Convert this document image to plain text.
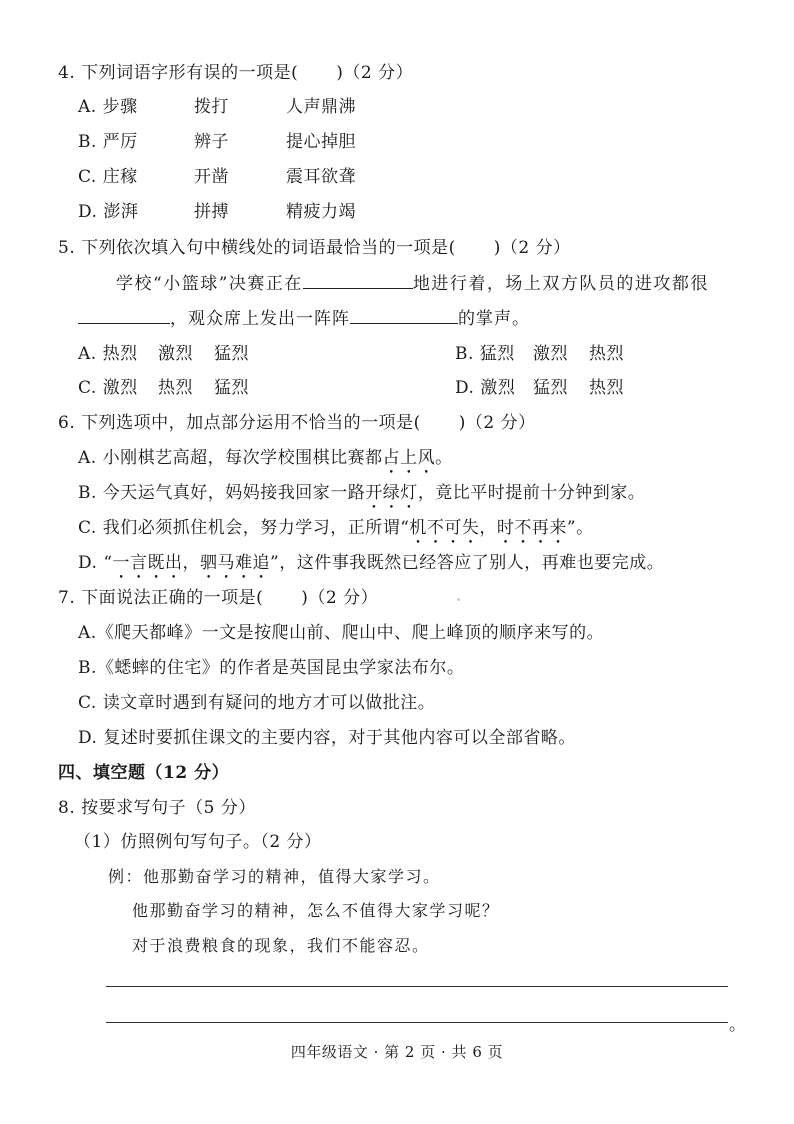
4. 下列词语字形有误的一项是( )（2 分）
A. 步骤	拨打	人声鼎沸
B. 严厉	辨子	提心掉胆
C. 庄稼	开凿	震耳欲聋
D. 澎湃	拼搏	精疲力竭
5. 下列依次填入句中横线处的词语最恰当的一项是( )（2 分）
学校“小篮球”决赛正在	地进行着，场上双方队员的进攻都很
，观众席上发出一阵阵	的掌声。
A. 热烈 激烈 猛烈	B. 猛烈 激烈 热烈
C. 激烈 热烈 猛烈	D. 激烈 猛烈 热烈
6. 下列选项中，加点部分运用不恰当的一项是( )（2 分）
A. 小刚棋艺高超，每次学校围棋比赛都占上风。
B. 今天运气真好，妈妈接我回家一路开绿灯，竟比平时提前十分钟到家。
C. 我们必须抓住机会，努力学习，正所谓“机不可失，时不再来”。
D. “一言既出，驷马难追”，这件事我既然已经答应了别人，再难也要完成。
7. 下面说法正确的一项是( )（2 分）
A.《爬天都峰》一文是按爬山前、爬山中、爬上峰顶的顺序来写的。
B.《蟋蟀的住宅》的作者是英国昆虫学家法布尔。
C. 读文章时遇到有疑问的地方才可以做批注。
D. 复述时要抓住课文的主要内容，对于其他内容可以全部省略。
四、填空题（12 分）
8. 按要求写句子（5 分）
（1）仿照例句写句子。（2 分）
例：他那勤奋学习的精神，值得大家学习。
他那勤奋学习的精神，怎么不值得大家学习呢？
对于浪费粮食的现象，我们不能容忍。
。
四年级语文 · 第 2 页 · 共 6 页
